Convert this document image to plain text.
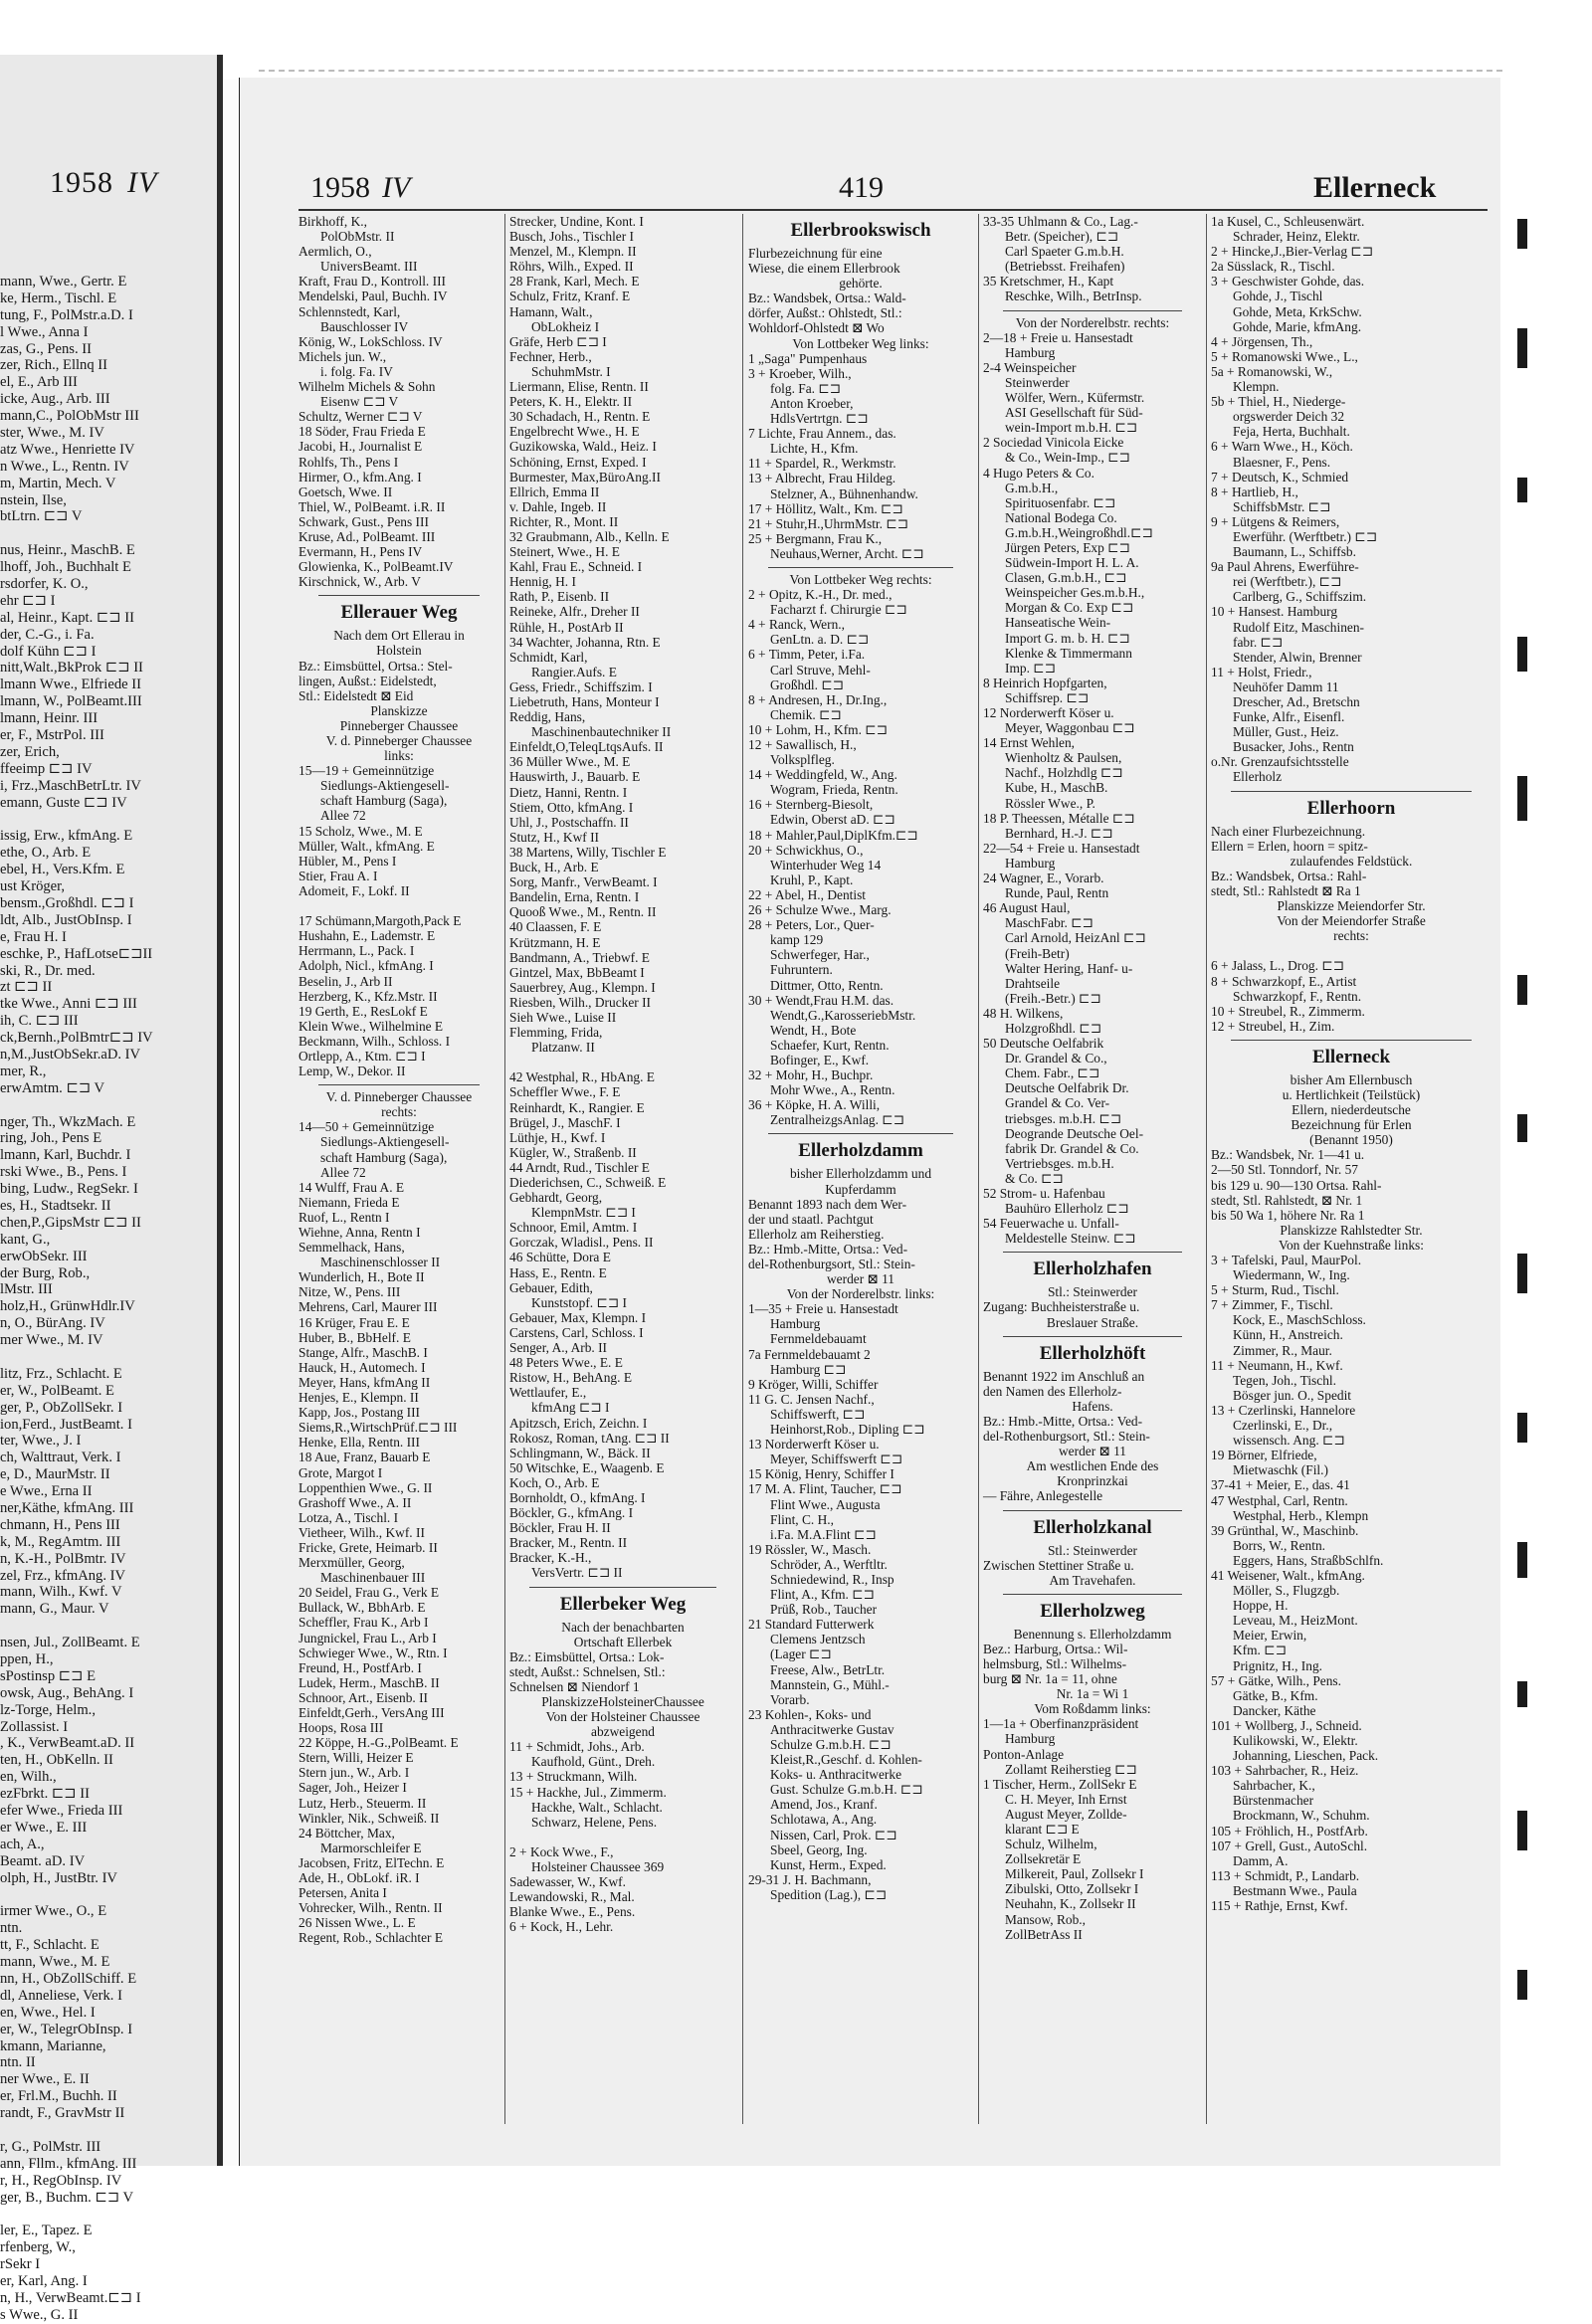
1958 IV
mann, Wwe., Gertr. E
ke, Herm., Tischl. E
tung, F., PolMstr.a.D. I
l Wwe., Anna I
zas, G., Pens. II
zer, Rich., Ellnq II
el, E., Arb III
icke, Aug., Arb. III
mann,C., PolObMstr III
ster, Wwe., M. IV
atz Wwe., Henriette IV
n Wwe., L., Rentn. IV
m, Martin, Mech. V
nstein, Ilse,
btLtrn. ⊏⊐ V
nus, Heinr., MaschB. E
lhoff, Joh., Buchhalt E
rsdorfer, K. O.,
ehr ⊏⊐ I
al, Heinr., Kapt. ⊏⊐ II
der, C.-G., i. Fa.
dolf Kühn ⊏⊐ I
nitt,Walt.,BkProk ⊏⊐ II
lmann Wwe., Elfriede II
lmann, W., PolBeamt.III
lmann, Heinr. III
er, F., MstrPol. III
zer, Erich,
ffeeimp ⊏⊐ IV
i, Frz.,MaschBetrLtr. IV
emann, Guste ⊏⊐ IV
issig, Erw., kfmAng. E
ethe, O., Arb. E
ebel, H., Vers.Kfm. E
ust Kröger,
bensm.,Großhdl. ⊏⊐ I
ldt, Alb., JustObInsp. I
e, Frau H. I
eschke, P., HafLotse⊏⊐II
ski, R., Dr. med.
zt ⊏⊐ II
tke Wwe., Anni ⊏⊐ III
ih, C. ⊏⊐ III
ck,Bernh.,PolBmtr⊏⊐ IV
n,M.,JustObSekr.aD. IV
mer, R.,
erwAmtm. ⊏⊐ V
nger, Th., WkzMach. E
ring, Joh., Pens E
lmann, Karl, Buchdr. I
rski Wwe., B., Pens. I
bing, Ludw., RegSekr. I
es, H., Stadtsekr. II
chen,P.,GipsMstr ⊏⊐ II
kant, G.,
erwObSekr. III
der Burg, Rob.,
lMstr. III
holz,H., GrünwHdlr.IV
n, O., BürAng. IV
mer Wwe., M. IV
litz, Frz., Schlacht. E
er, W., PolBeamt. E
ger, P., ObZollSekr. I
ion,Ferd., JustBeamt. I
ter, Wwe., J. I
ch, Walttraut, Verk. I
e, D., MaurMstr. II
e Wwe., Erna II
ner,Käthe, kfmAng. III
chmann, H., Pens III
k, M., RegAmtm. III
n, K.-H., PolBmtr. IV
zel, Frz., kfmAng. IV
mann, Wilh., Kwf. V
mann, G., Maur. V
nsen, Jul., ZollBeamt. E
ppen, H.,
sPostinsp ⊏⊐ E
owsk, Aug., BehAng. I
lz-Torge, Helm.,
Zollassist. I
, K., VerwBeamt.aD. II
ten, H., ObKelln. II
en, Wilh.,
ezFbrkt. ⊏⊐ II
efer Wwe., Frieda III
er Wwe., E. III
ach, A.,
Beamt. aD. IV
olph, H., JustBtr. IV
irmer Wwe., O., E
ntn.
tt, F., Schlacht. E
mann, Wwe., M. E
nn, H., ObZollSchiff. E
dl, Anneliese, Verk. I
en, Wwe., Hel. I
er, W., TelegrObInsp. I
kmann, Marianne,
ntn. II
ner Wwe., E. II
er, Frl.M., Buchh. II
randt, F., GravMstr II
r, G., PolMstr. III
ann, Fllm., kfmAng. III
r, H., RegObInsp. IV
ger, B., Buchm. ⊏⊐ V
ler, E., Tapez. E
rfenberg, W.,
rSekr I
er, Karl, Ang. I
n, H., VerwBeamt.⊏⊐ I
s Wwe., G. II
1958 IV	419	Ellerneck
Birkhoff, K.,
PolObMstr. II
Aermlich, O.,
UniversBeamt. III
Kraft, Frau D., Kontroll. III
Mendelski, Paul, Buchh. IV
Schlennstedt, Karl,
Bauschlosser IV
König, W., LokSchloss. IV
Michels jun. W.,
i. folg. Fa. IV
Wilhelm Michels & Sohn
Eisenw ⊏⊐ V
Schultz, Werner ⊏⊐ V
18 Söder, Frau Frieda E
Jacobi, H., Journalist E
Rohlfs, Th., Pens I
Hirmer, O., kfm.Ang. I
Goetsch, Wwe. II
Thiel, W., PolBeamt. i.R. II
Schwark, Gust., Pens III
Kruse, Ad., PolBeamt. III
Evermann, H., Pens IV
Glowienka, K., PolBeamt.IV
Kirschnick, W., Arb. V
Ellerauer Weg
Nach dem Ort Ellerau in
Holstein
Bz.: Eimsbüttel, Ortsa.: Stel-
lingen, Außst.: Eidelstedt,
Stl.: Eidelstedt ⊠ Eid
Planskizze
Pinneberger Chaussee
V. d. Pinneberger Chaussee
links:
15—19 + Gemeinnützige
Siedlungs-Aktiengesell-
schaft Hamburg (Saga),
Allee 72
15 Scholz, Wwe., M. E
Müller, Walt., kfmAng. E
Hübler, M., Pens I
Stier, Frau A. I
Adomeit, F., Lokf. II
17 Schümann,Margoth,Pack E
Hushahn, E., Lademstr. E
Herrmann, L., Pack. I
Adolph, Nicl., kfmAng. I
Beselin, J., Arb II
Herzberg, K., Kfz.Mstr. II
19 Gerth, E., ResLokf E
Klein Wwe., Wilhelmine E
Beckmann, Wilh., Schloss. I
Ortlepp, A., Ktm. ⊏⊐ I
Lemp, W., Dekor. II
V. d. Pinneberger Chaussee
rechts:
14—50 + Gemeinnützige
Siedlungs-Aktiengesell-
schaft Hamburg (Saga),
Allee 72
14 Wulff, Frau A. E
Niemann, Frieda E
Ruof, L., Rentn I
Wiehne, Anna, Rentn I
Semmelhack, Hans,
Maschinenschlosser II
Wunderlich, H., Bote II
Nitze, W., Pens. III
Mehrens, Carl, Maurer III
16 Krüger, Frau E. E
Huber, B., BbHelf. E
Stange, Alfr., MaschB. I
Hauck, H., Automech. I
Meyer, Hans, kfmAng II
Henjes, E., Klempn. II
Kapp, Jos., Postang III
Siems,R.,WirtschPrüf.⊏⊐ III
Henke, Ella, Rentn. III
18 Aue, Franz, Bauarb E
Grote, Margot I
Loppenthien Wwe., G. II
Grashoff Wwe., A. II
Lotza, A., Tischl. I
Vietheer, Wilh., Kwf. II
Fricke, Grete, Heimarb. II
Merxmüller, Georg,
Maschinenbauer III
20 Seidel, Frau G., Verk E
Bullack, W., BbhArb. E
Scheffler, Frau K., Arb I
Jungnickel, Frau L., Arb I
Schwieger Wwe., W., Rtn. I
Freund, H., PostfArb. I
Ludek, Herm., MaschB. II
Schnoor, Art., Eisenb. II
Einfeldt,Gerh., VersAng III
Hoops, Rosa III
22 Köppe, H.-G.,PolBeamt. E
Stern, Willi, Heizer E
Stern jun., W., Arb. I
Sager, Joh., Heizer I
Lutz, Herb., Steuerm. II
Winkler, Nik., Schweiß. II
24 Böttcher, Max,
Marmorschleifer E
Jacobsen, Fritz, ElTechn. E
Ade, H., ObLokf. iR. I
Petersen, Anita I
Vohrecker, Wilh., Rentn. II
26 Nissen Wwe., L. E
Regent, Rob., Schlachter E
Strecker, Undine, Kont. I
Busch, Johs., Tischler I
Menzel, M., Klempn. II
Röhrs, Wilh., Exped. II
28 Frank, Karl, Mech. E
Schulz, Fritz, Kranf. E
Hamann, Walt.,
ObLokheiz I
Gräfe, Herb ⊏⊐ I
Fechner, Herb.,
SchuhmMstr. I
Liermann, Elise, Rentn. II
Peters, K. H., Elektr. II
30 Schadach, H., Rentn. E
Engelbrecht Wwe., H. E
Guzikowska, Wald., Heiz. I
Schöning, Ernst, Exped. I
Burmester, Max,BüroAng.II
Ellrich, Emma II
v. Dahle, Ingeb. II
Richter, R., Mont. II
32 Graubmann, Alb., Kelln. E
Steinert, Wwe., H. E
Kahl, Frau E., Schneid. I
Hennig, H. I
Rath, P., Eisenb. II
Reineke, Alfr., Dreher II
Rühle, H., PostArb II
34 Wachter, Johanna, Rtn. E
Schmidt, Karl,
Rangier.Aufs. E
Gess, Friedr., Schiffszim. I
Liebetruth, Hans, Monteur I
Reddig, Hans,
Maschinenbautechniker II
Einfeldt,O,TeleqLtqsAufs. II
36 Müller Wwe., M. E
Hauswirth, J., Bauarb. E
Dietz, Hanni, Rentn. I
Stiem, Otto, kfmAng. I
Uhl, J., Postschaffn. II
Stutz, H., Kwf II
38 Martens, Willy, Tischler E
Buck, H., Arb. E
Sorg, Manfr., VerwBeamt. I
Bandelin, Erna, Rentn. I
Quooß Wwe., M., Rentn. II
40 Claassen, F. E
Krützmann, H. E
Bandmann, A., Triebwf. E
Gintzel, Max, BbBeamt I
Sauerbrey, Aug., Klempn. I
Riesben, Wilh., Drucker II
Sieh Wwe., Luise II
Flemming, Frida,
Platzanw. II
42 Westphal, R., HbAng. E
Scheffler Wwe., F. E
Reinhardt, K., Rangier. E
Brügel, J., MaschF. I
Lüthje, H., Kwf. I
Kügler, W., Straßenb. II
44 Arndt, Rud., Tischler E
Diederichsen, C., Schweiß. E
Gebhardt, Georg,
KlempnMstr. ⊏⊐ I
Schnoor, Emil, Amtm. I
Gorczak, Wladisl., Pens. II
46 Schütte, Dora E
Hass, E., Rentn. E
Gebauer, Edith,
Kunststopf. ⊏⊐ I
Gebauer, Max, Klempn. I
Carstens, Carl, Schloss. I
Senger, A., Arb. II
48 Peters Wwe., E. E
Ristow, H., BehAng. E
Wettlaufer, E.,
kfmAng ⊏⊐ I
Apitzsch, Erich, Zeichn. I
Rokosz, Roman, tAng. ⊏⊐ II
Schlingmann, W., Bäck. II
50 Witschke, E., Waagenb. E
Koch, O., Arb. E
Bornholdt, O., kfmAng. I
Böckler, G., kfmAng. I
Böckler, Frau H. II
Bracker, M., Rentn. II
Bracker, K.-H.,
VersVertr. ⊏⊐ II
Ellerbeker Weg
Nach der benachbarten
Ortschaft Ellerbek
Bz.: Eimsbüttel, Ortsa.: Lok-
stedt, Außst.: Schnelsen, Stl.:
Schnelsen ⊠ Niendorf 1
PlanskizzeHolsteinerChaussee
Von der Holsteiner Chaussee
abzweigend
11 + Schmidt, Johs., Arb.
Kaufhold, Günt., Dreh.
13 + Struckmann, Wilh.
15 + Hackhe, Jul., Zimmerm.
Hackhe, Walt., Schlacht.
Schwarz, Helene, Pens.
2 + Kock Wwe., F.,
Holsteiner Chaussee 369
Sadewasser, W., Kwf.
Lewandowski, R., Mal.
Blanke Wwe., E., Pens.
6 + Kock, H., Lehr.
Ellerbrookswisch
Flurbezeichnung für eine
Wiese, die einem Ellerbrook
gehörte.
Bz.: Wandsbek, Ortsa.: Wald-
dörfer, Außst.: Ohlstedt, Stl.:
Wohldorf-Ohlstedt ⊠ Wo
Von Lottbeker Weg links:
1 „Saga" Pumpenhaus
3 + Kroeber, Wilh.,
folg. Fa. ⊏⊐
Anton Kroeber,
HdlsVertrtgn. ⊏⊐
7 Lichte, Frau Annem., das.
Lichte, H., Kfm.
11 + Spardel, R., Werkmstr.
13 + Albrecht, Frau Hildeg.
Stelzner, A., Bühnenhandw.
17 + Höllitz, Walt., Km. ⊏⊐
21 + Stuhr,H.,UhrmMstr. ⊏⊐
25 + Bergmann, Frau K.,
Neuhaus,Werner, Archt. ⊏⊐
Von Lottbeker Weg rechts:
2 + Opitz, K.-H., Dr. med.,
Facharzt f. Chirurgie ⊏⊐
4 + Ranck, Wern.,
GenLtn. a. D. ⊏⊐
6 + Timm, Peter, i.Fa.
Carl Struve, Mehl-
Großhdl. ⊏⊐
8 + Andresen, H., Dr.Ing.,
Chemik. ⊏⊐
10 + Lohm, H., Kfm. ⊏⊐
12 + Sawallisch, H.,
Volksplfleg.
14 + Weddingfeld, W., Ang.
Wogram, Frieda, Rentn.
16 + Sternberg-Biesolt,
Edwin, Oberst aD. ⊏⊐
18 + Mahler,Paul,DiplKfm.⊏⊐
20 + Schwickhus, O.,
Winterhuder Weg 14
Kruhl, P., Kapt.
22 + Abel, H., Dentist
26 + Schulze Wwe., Marg.
28 + Peters, Lor., Quer-
kamp 129
Schwerfeger, Har.,
Fuhruntern.
Dittmer, Otto, Rentn.
30 + Wendt,Frau H.M. das.
Wendt,G.,KarosseriebMstr.
Wendt, H., Bote
Schaefer, Kurt, Rentn.
Bofinger, E., Kwf.
32 + Mohr, H., Buchpr.
Mohr Wwe., A., Rentn.
36 + Köpke, H. A. Willi,
ZentralheizgsAnlag. ⊏⊐
Ellerholzdamm
bisher Ellerholzdamm und
Kupferdamm
Benannt 1893 nach dem Wer-
der und staatl. Pachtgut
Ellerholz am Reiherstieg.
Bz.: Hmb.-Mitte, Ortsa.: Ved-
del-Rothenburgsort, Stl.: Stein-
werder ⊠ 11
Von der Norderelbstr. links:
1—35 + Freie u. Hansestadt
Hamburg
Fernmeldebauamt
7a Fernmeldebauamt 2
Hamburg ⊏⊐
9 Kröger, Willi, Schiffer
11 G. C. Jensen Nachf.,
Schiffswerft, ⊏⊐
Heinhorst,Rob., Dipling ⊏⊐
13 Norderwerft Köser u.
Meyer, Schiffswerft ⊏⊐
15 König, Henry, Schiffer I
17 M. A. Flint, Taucher, ⊏⊐
Flint Wwe., Augusta
Flint, C. H.,
i.Fa. M.A.Flint ⊏⊐
19 Rössler, W., Masch.
Schröder, A., Werftltr.
Schniedewind, R., Insp
Flint, A., Kfm. ⊏⊐
Prüß, Rob., Taucher
21 Standard Futterwerk
Clemens Jentzsch
(Lager ⊏⊐
Freese, Alw., BetrLtr.
Mannstein, G., Mühl.-
Vorarb.
23 Kohlen-, Koks- und
Anthracitwerke Gustav
Schulze G.m.b.H. ⊏⊐
Kleist,R.,Geschf. d. Kohlen-
Koks- u. Anthracitwerke
Gust. Schulze G.m.b.H. ⊏⊐
Amend, Jos., Kranf.
Schlotawa, A., Ang.
Nissen, Carl, Prok. ⊏⊐
Sbeel, Georg, Ing.
Kunst, Herm., Exped.
29-31 J. H. Bachmann,
Spedition (Lag.), ⊏⊐
33-35 Uhlmann & Co., Lag.-
Betr. (Speicher), ⊏⊐
Carl Spaeter G.m.b.H.
(Betriebsst. Freihafen)
35 Kretschmer, H., Kapt
Reschke, Wilh., BetrInsp.
Von der Norderelbstr. rechts:
2—18 + Freie u. Hansestadt
Hamburg
2-4 Weinspeicher
Steinwerder
Wölfer, Wern., Küfermstr.
ASI Gesellschaft für Süd-
wein-Import m.b.H. ⊏⊐
2 Sociedad Vinicola Eicke
& Co., Wein-Imp., ⊏⊐
4 Hugo Peters & Co.
G.m.b.H.,
Spirituosenfabr. ⊏⊐
National Bodega Co.
G.m.b.H.,Weingroßhdl.⊏⊐
Jürgen Peters, Exp ⊏⊐
Südwein-Import H. L. A.
Clasen, G.m.b.H., ⊏⊐
Weinspeicher Ges.m.b.H.,
Morgan & Co. Exp ⊏⊐
Hanseatische Wein-
Import G. m. b. H. ⊏⊐
Klenke & Timmermann
Imp. ⊏⊐
8 Heinrich Hopfgarten,
Schiffsrep. ⊏⊐
12 Norderwerft Köser u.
Meyer, Waggonbau ⊏⊐
14 Ernst Wehlen,
Wienholtz & Paulsen,
Nachf., Holzhdlg ⊏⊐
Kube, H., MaschB.
Rössler Wwe., P.
18 P. Theessen, Métalle ⊏⊐
Bernhard, H.-J. ⊏⊐
22—54 + Freie u. Hansestadt
Hamburg
24 Wagner, E., Vorarb.
Runde, Paul, Rentn
46 August Haul,
MaschFabr. ⊏⊐
Carl Arnold, HeizAnl ⊏⊐
(Freih-Betr)
Walter Hering, Hanf- u-
Drahtseile
(Freih.-Betr.) ⊏⊐
48 H. Wilkens,
Holzgroßhdl. ⊏⊐
50 Deutsche Oelfabrik
Dr. Grandel & Co.,
Chem. Fabr., ⊏⊐
Deutsche Oelfabrik Dr.
Grandel & Co. Ver-
triebsges. m.b.H. ⊏⊐
Deogrande Deutsche Oel-
fabrik Dr. Grandel & Co.
Vertriebsges. m.b.H.
& Co. ⊏⊐
52 Strom- u. Hafenbau
Bauhüro Ellerholz ⊏⊐
54 Feuerwache u. Unfall-
Meldestelle Steinw. ⊏⊐
Ellerholzhafen
Stl.: Steinwerder
Zugang: Buchheisterstraße u.
Breslauer Straße.
Ellerholzhöft
Benannt 1922 im Anschluß an
den Namen des Ellerholz-
Hafens.
Bz.: Hmb.-Mitte, Ortsa.: Ved-
del-Rothenburgsort, Stl.: Stein-
werder ⊠ 11
Am westlichen Ende des
Kronprinzkai
— Fähre, Anlegestelle
Ellerholzkanal
Stl.: Steinwerder
Zwischen Stettiner Straße u.
Am Travehafen.
Ellerholzweg
Benennung s. Ellerholzdamm
Bez.: Harburg, Ortsa.: Wil-
helmsburg, Stl.: Wilhelms-
burg ⊠ Nr. 1a = 11, ohne
Nr. 1a = Wi 1
Vom Roßdamm links:
1—1a + Oberfinanzpräsident
Hamburg
Ponton-Anlage
Zollamt Reiherstieg ⊏⊐
1 Tischer, Herm., ZollSekr E
C. H. Meyer, Inh Ernst
August Meyer, Zollde-
klarant ⊏⊐ E
Schulz, Wilhelm,
Zollsekretär E
Milkereit, Paul, Zollsekr I
Zibulski, Otto, Zollsekr I
Neuhahn, K., Zollsekr II
Mansow, Rob.,
ZollBetrAss II
1a Kusel, C., Schleusenwärt.
Schrader, Heinz, Elektr.
2 + Hincke,J.,Bier-Verlag ⊏⊐
2a Süsslack, R., Tischl.
3 + Geschwister Gohde, das.
Gohde, J., Tischl
Gohde, Meta, KrkSchw.
Gohde, Marie, kfmAng.
4 + Jörgensen, Th.,
5 + Romanowski Wwe., L.,
5a + Romanowski, W.,
Klempn.
5b + Thiel, H., Niederge-
orgswerder Deich 32
Feja, Herta, Buchhalt.
6 + Warn Wwe., H., Köch.
Blaesner, F., Pens.
7 + Deutsch, K., Schmied
8 + Hartlieb, H.,
SchiffsbMstr. ⊏⊐
9 + Lütgens & Reimers,
Ewerführ. (Werftbetr.) ⊏⊐
Baumann, L., Schiffsb.
9a Paul Ahrens, Ewerführe-
rei (Werftbetr.), ⊏⊐
Carlberg, G., Schiffszim.
10 + Hansest. Hamburg
Rudolf Eitz, Maschinen-
fabr. ⊏⊐
Stender, Alwin, Brenner
11 + Holst, Friedr.,
Neuhöfer Damm 11
Drescher, Ad., Bretschn
Funke, Alfr., Eisenfl.
Müller, Gust., Heiz.
Busacker, Johs., Rentn
o.Nr. Grenzaufsichtsstelle
Ellerholz
Ellerhoorn
Nach einer Flurbezeichnung.
Ellern = Erlen, hoorn = spitz-
zulaufendes Feldstück.
Bz.: Wandsbek, Ortsa.: Rahl-
stedt, Stl.: Rahlstedt ⊠ Ra 1
Planskizze Meiendorfer Str.
Von der Meiendorfer Straße
rechts:
6 + Jalass, L., Drog. ⊏⊐
8 + Schwarzkopf, E., Artist
Schwarzkopf, F., Rentn.
10 + Streubel, R., Zimmerm.
12 + Streubel, H., Zim.
Ellerneck
bisher Am Ellernbusch
u. Hertlichkeit (Teilstück)
Ellern, niederdeutsche
Bezeichnung für Erlen
(Benannt 1950)
Bz.: Wandsbek, Nr. 1—41 u.
2—50 Stl. Tonndorf, Nr. 57
bis 129 u. 90—130 Ortsa. Rahl-
stedt, Stl. Rahlstedt, ⊠ Nr. 1
bis 50 Wa 1, höhere Nr. Ra 1
Planskizze Rahlstedter Str.
Von der Kuehnstraße links:
3 + Tafelski, Paul, MaurPol.
Wiedermann, W., Ing.
5 + Sturm, Rud., Tischl.
7 + Zimmer, F., Tischl.
Kock, E., MaschSchloss.
Künn, H., Anstreich.
Zimmer, R., Maur.
11 + Neumann, H., Kwf.
Tegen, Joh., Tischl.
Bösger jun. O., Spedit
13 + Czerlinski, Hannelore
Czerlinski, E., Dr.,
wissensch. Ang. ⊏⊐
19 Börner, Elfriede,
Mietwaschk (Fil.)
37-41 + Meier, E., das. 41
47 Westphal, Carl, Rentn.
Westphal, Herb., Klempn
39 Grünthal, W., Maschinb.
Borrs, W., Rentn.
Eggers, Hans, StraßbSchlfn.
41 Weisener, Walt., kfmAng.
Möller, S., Flugzgb.
Hoppe, H.
Leveau, M., HeizMont.
Meier, Erwin,
Kfm. ⊏⊐
Prignitz, H., Ing.
57 + Gätke, Wilh., Pens.
Gätke, B., Kfm.
Dancker, Käthe
101 + Wollberg, J., Schneid.
Kulikowski, W., Elektr.
Johanning, Lieschen, Pack.
103 + Sahrbacher, R., Heiz.
Sahrbacher, K.,
Bürstenmacher
Brockmann, W., Schuhm.
105 + Fröhlich, H., PostfArb.
107 + Grell, Gust., AutoSchl.
Damm, A.
113 + Schmidt, P., Landarb.
Bestmann Wwe., Paula
115 + Rathje, Ernst, Kwf.
